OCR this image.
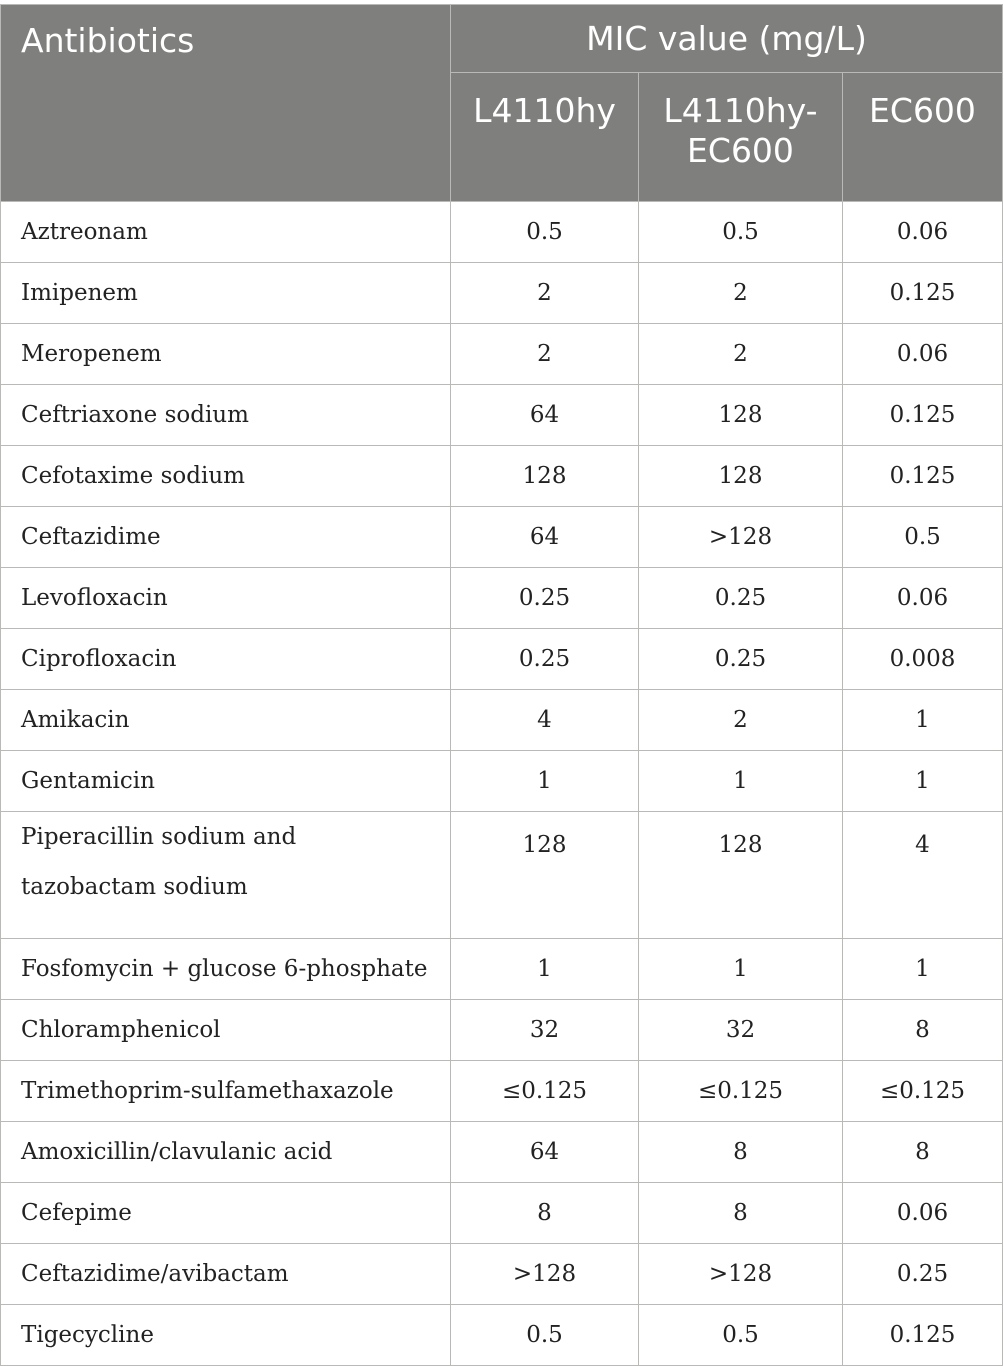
Antibiotics	MIC value (mg/L)		
	L4110hy	L4110hy-EC600	EC600
Aztreonam	0.5	0.5	0.06
Imipenem	2	2	0.125
Meropenem	2	2	0.06
Ceftriaxone sodium	64	128	0.125
Cefotaxime sodium	128	128	0.125
Ceftazidime	64	>128	0.5
Levofloxacin	0.25	0.25	0.06
Ciprofloxacin	0.25	0.25	0.008
Amikacin	4	2	1
Gentamicin	1	1	1
Piperacillin sodium and tazobactam sodium	128	128	4
Fosfomycin + glucose 6-phosphate	1	1	1
Chloramphenicol	32	32	8
Trimethoprim-sulfamethaxazole	≤0.125	≤0.125	≤0.125
Amoxicillin/clavulanic acid	64	8	8
Cefepime	8	8	0.06
Ceftazidime/avibactam	>128	>128	0.25
Tigecycline	0.5	0.5	0.125
